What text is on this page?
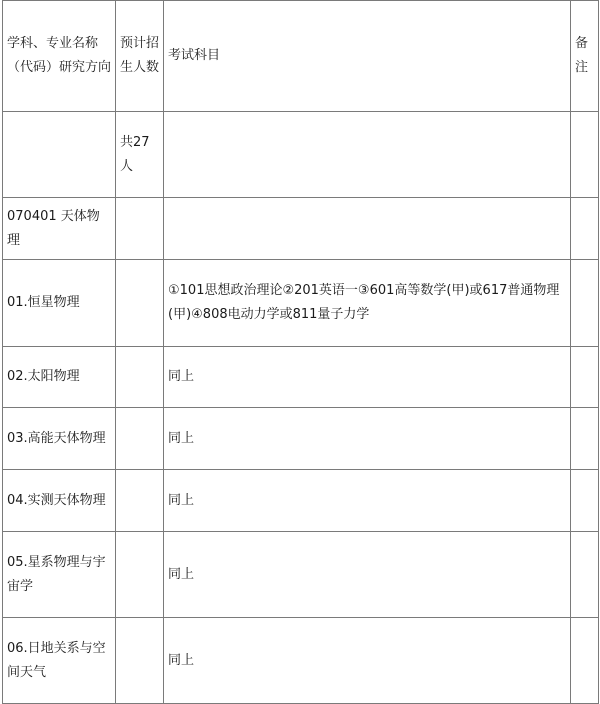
学科、专业名称（代码）研究方向	预计招生人数	考试科目	备注
	共27人		
070401 天体物理			
01.恒星物理		①101思想政治理论②201英语一③601高等数学(甲)或617普通物理(甲)④808电动力学或811量子力学	
02.太阳物理		同上	
03.高能天体物理		同上	
04.实测天体物理		同上	
05.星系物理与宇宙学		同上	
06.日地关系与空间天气		同上	
